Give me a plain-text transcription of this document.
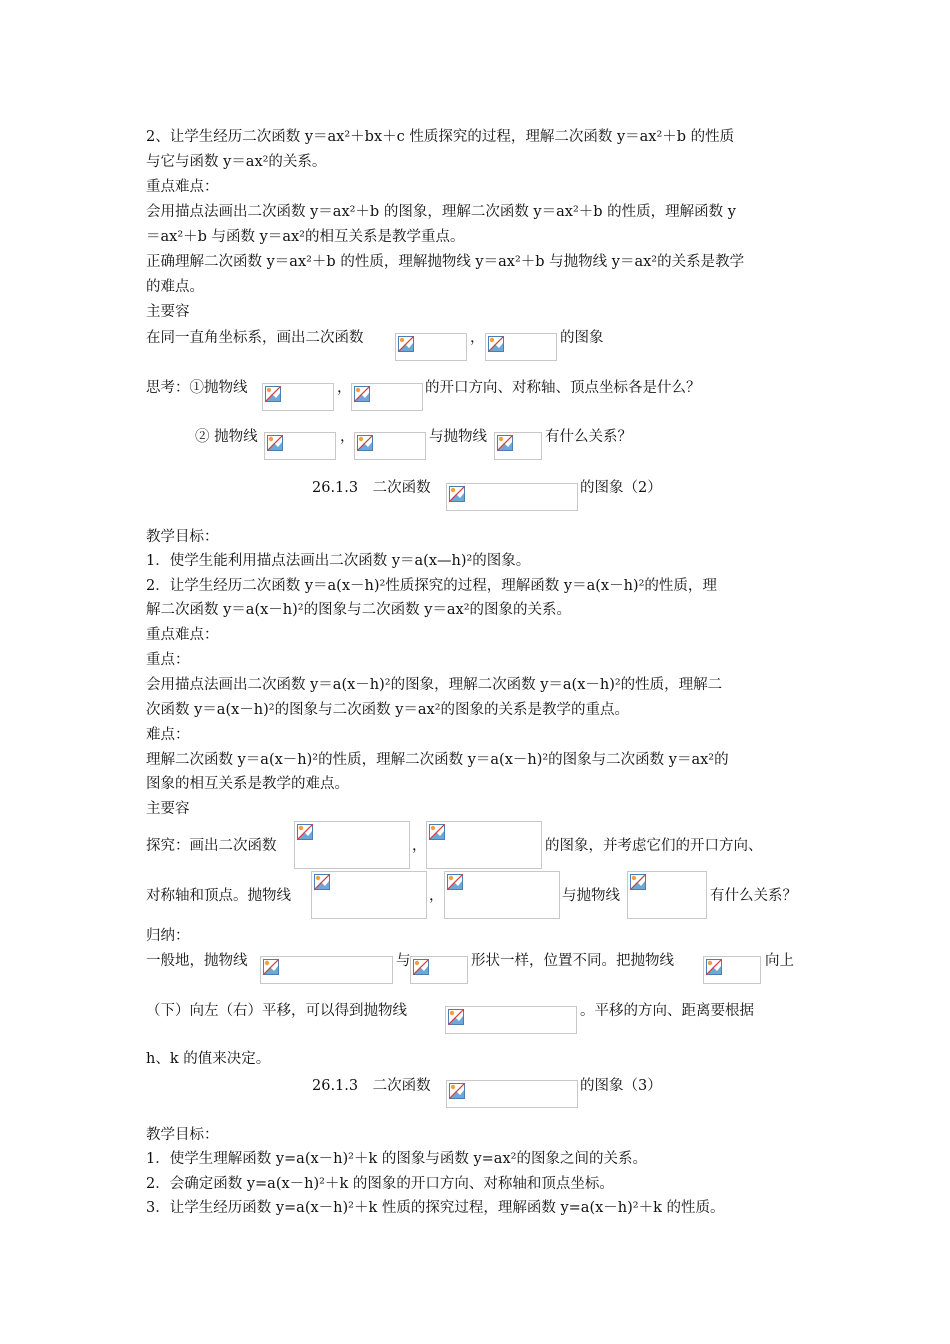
2、让学生经历二次函数 y＝ax²＋bx＋c 性质探究的过程，理解二次函数 y＝ax²＋b 的性质
与它与函数 y＝ax²的关系。
重点难点：
会用描点法画出二次函数 y＝ax²＋b 的图象，理解二次函数 y＝ax²＋b 的性质，理解函数 y
＝ax²＋b 与函数 y＝ax²的相互关系是教学重点。
正确理解二次函数 y＝ax²＋b 的性质，理解抛物线 y＝ax²＋b 与抛物线 y＝ax²的关系是教学
的难点。
主要容
在同一直角坐标系，画出二次函数	，	的图象
思考：①抛物线	，	的开口方向、对称轴、顶点坐标各是什么？
② 抛物线	，	与抛物线	有什么关系？
26.1.3　二次函数	的图象（2）
教学目标：
1．使学生能利用描点法画出二次函数 y＝a(x—h)²的图象。
2．让学生经历二次函数 y＝a(x－h)²性质探究的过程，理解函数 y＝a(x－h)²的性质，理
解二次函数 y＝a(x－h)²的图象与二次函数 y＝ax²的图象的关系。
重点难点：
重点：
会用描点法画出二次函数 y＝a(x－h)²的图象，理解二次函数 y＝a(x－h)²的性质，理解二
次函数 y＝a(x－h)²的图象与二次函数 y＝ax²的图象的关系是教学的重点。
难点：
理解二次函数 y＝a(x－h)²的性质，理解二次函数 y＝a(x－h)²的图象与二次函数 y＝ax²的
图象的相互关系是教学的难点。
主要容
探究：画出二次函数	，	的图象，并考虑它们的开口方向、
对称轴和顶点。抛物线	，	与抛物线	有什么关系？
归纳：
一般地，抛物线	与	形状一样，位置不同。把抛物线	向上
（下）向左（右）平移，可以得到抛物线	。平移的方向、距离要根据
h、k 的值来决定。
26.1.3　二次函数	的图象（3）
教学目标：
1．使学生理解函数 y=a(x－h)²＋k 的图象与函数 y=ax²的图象之间的关系。
2．会确定函数 y=a(x－h)²＋k 的图象的开口方向、对称轴和顶点坐标。
3．让学生经历函数 y=a(x－h)²＋k 性质的探究过程，理解函数 y=a(x－h)²＋k 的性质。
